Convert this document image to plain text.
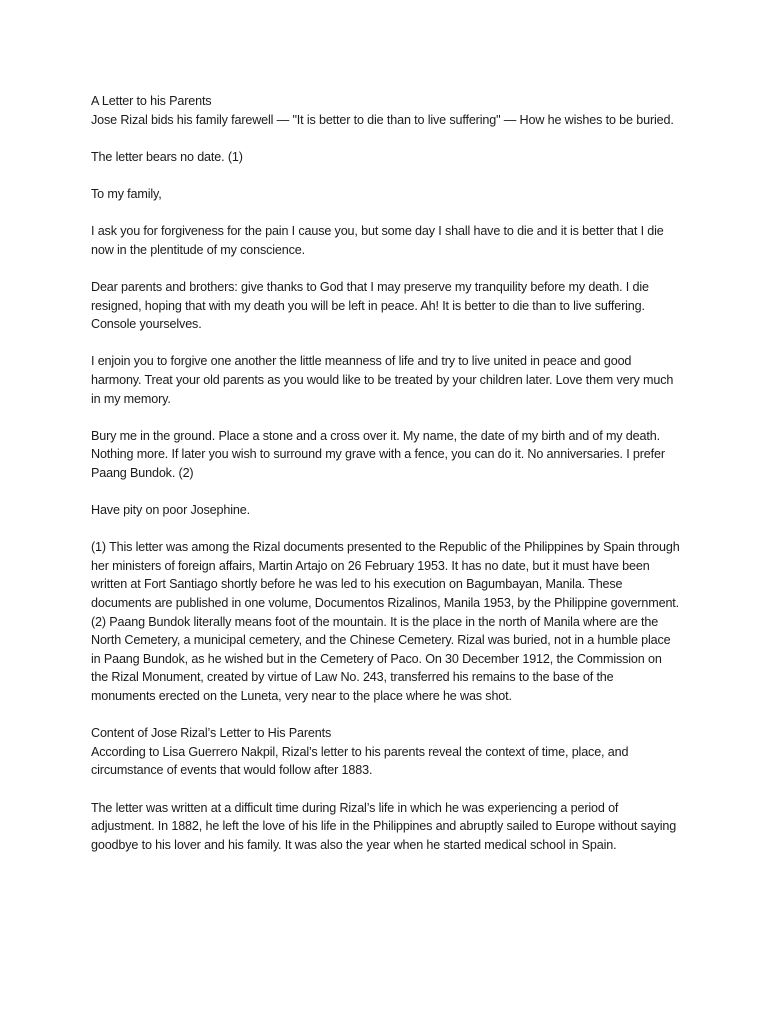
A Letter to his Parents

Jose Rizal bids his family farewell — "It is better to die than to live suffering" — How he wishes to be buried.

The letter bears no date. (1)

To my family,

I ask you for forgiveness for the pain I cause you, but some day I shall have to die and it is better that I die now in the plentitude of my conscience.

Dear parents and brothers: give thanks to God that I may preserve my tranquility before my death. I die resigned, hoping that with my death you will be left in peace. Ah! It is better to die than to live suffering. Console yourselves.

I enjoin you to forgive one another the little meanness of life and try to live united in peace and good harmony. Treat your old parents as you would like to be treated by your children later. Love them very much in my memory.

Bury me in the ground. Place a stone and a cross over it. My name, the date of my birth and of my death. Nothing more. If later you wish to surround my grave with a fence, you can do it. No anniversaries. I prefer Paang Bundok. (2)

Have pity on poor Josephine.

(1) This letter was among the Rizal documents presented to the Republic of the Philippines by Spain through her ministers of foreign affairs, Martin Artajo on 26 February 1953. It has no date, but it must have been written at Fort Santiago shortly before he was led to his execution on Bagumbayan, Manila. These documents are published in one volume, Documentos Rizalinos, Manila 1953, by the Philippine government.

(2) Paang Bundok literally means foot of the mountain. It is the place in the north of Manila where are the North Cemetery, a municipal cemetery, and the Chinese Cemetery. Rizal was buried, not in a humble place in Paang Bundok, as he wished but in the Cemetery of Paco. On 30 December 1912, the Commission on the Rizal Monument, created by virtue of Law No. 243, transferred his remains to the base of the monuments erected on the Luneta, very near to the place where he was shot.

Content of Jose Rizal’s Letter to His Parents

According to Lisa Guerrero Nakpil, Rizal’s letter to his parents reveal the context of time, place, and circumstance of events that would follow after 1883.

The letter was written at a difficult time during Rizal’s life in which he was experiencing a period of adjustment. In 1882, he left the love of his life in the Philippines and abruptly sailed to Europe without saying goodbye to his lover and his family. It was also the year when he started medical school in Spain.
